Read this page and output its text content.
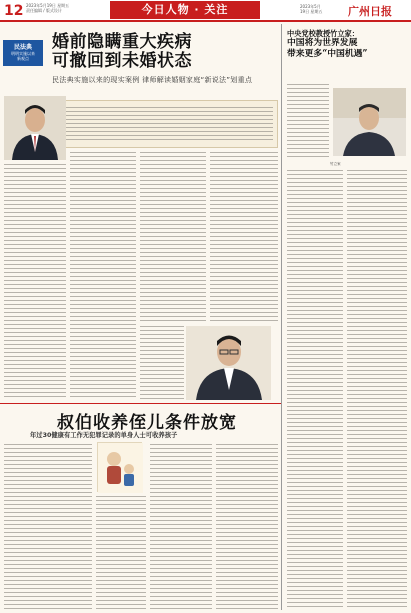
12 2023年5月19日 星期五
责任编辑 / 版式设计	今日人物 · 关注	2023年5月
19日 星期五 广州日报
民法典
明明实施以来
新观点
婚前隐瞒重大疾病
可撤回到未婚状态
民法典实施以来的现实案例 律师解读婚姻家庭“新说法”划重点
叔伯收养侄儿条件放宽
年过30健康有工作无犯罪记录的单身人士可收养孩子
中央党校教授竹立家：
中国将为世界发展
带来更多“中国机遇”
竹立家
